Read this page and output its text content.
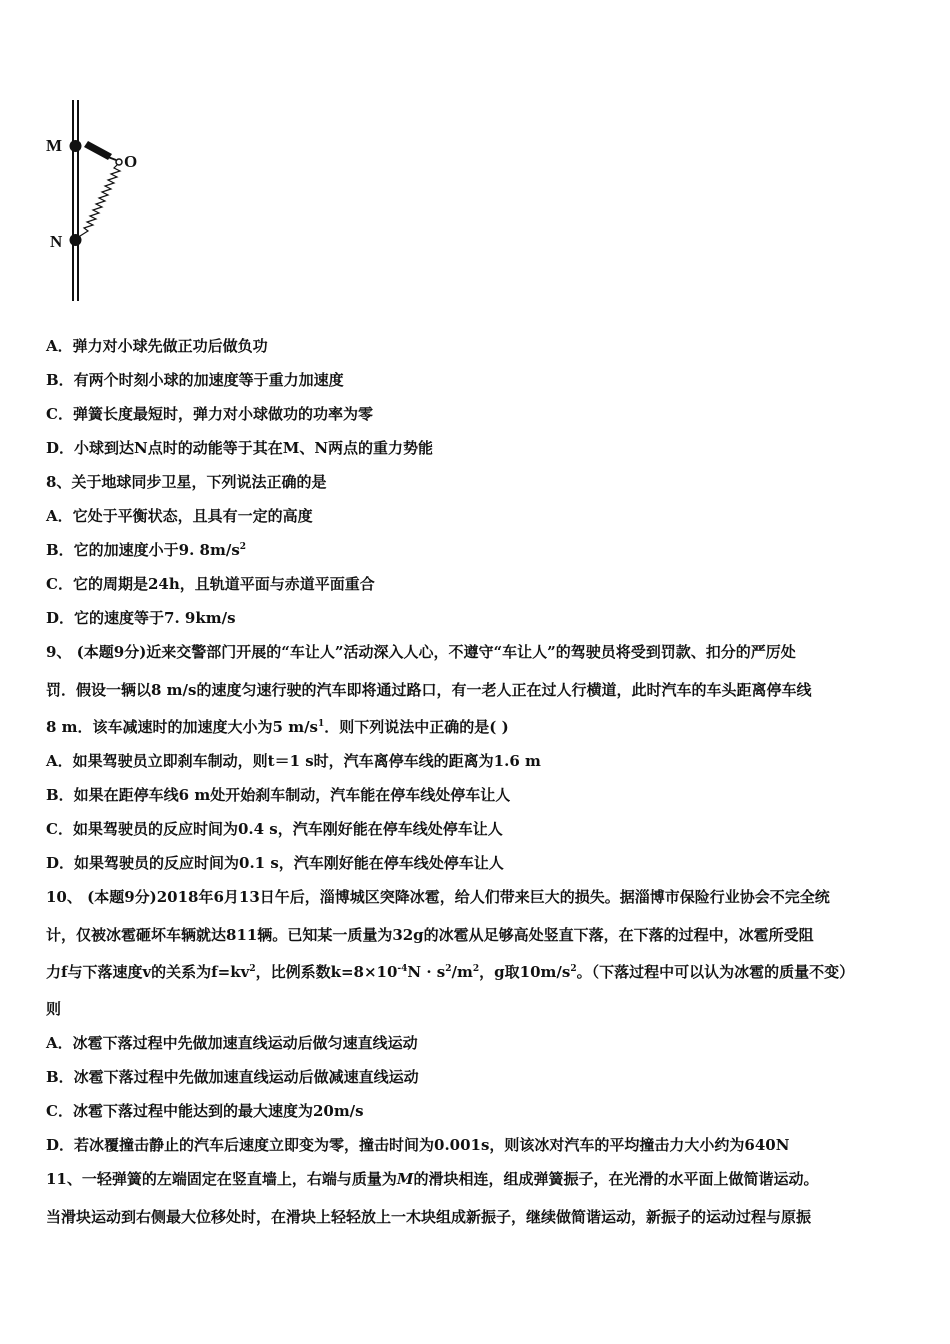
M
O
N
A．弹力对小球先做正功后做负功
B．有两个时刻小球的加速度等于重力加速度
C．弹簧长度最短时，弹力对小球做功的功率为零
D．小球到达N点时的动能等于其在M、N两点的重力势能
8、关于地球同步卫星，下列说法正确的是
A．它处于平衡状态，且具有一定的高度
B．它的加速度小于9. $8m/s^2$
C．它的周期是24h，且轨道平面与赤道平面重合
D．它的速度等于7. 9km/s
9、 (本题9分)近来交警部门开展的“车让人”活动深入人心，不遵守“车让人”的驾驶员将受到罚款、扣分的严厉处
罚．假设一辆以8 m/s的速度匀速行驶的汽车即将通过路口，有一老人正在过人行横道，此时汽车的车头距离停车线
8 m．该车减速时的加速度大小为5 $m/s^1$．则下列说法中正确的是( )
A．如果驾驶员立即刹车制动，则t＝1 s时，汽车离停车线的距离为1.6 m
B．如果在距停车线6 m处开始刹车制动，汽车能在停车线处停车让人
C．如果驾驶员的反应时间为0.4 s，汽车刚好能在停车线处停车让人
D．如果驾驶员的反应时间为0.1 s，汽车刚好能在停车线处停车让人
10、 (本题9分)2018年6月13日午后，淄博城区突降冰雹，给人们带来巨大的损失。据淄博市保险行业协会不完全统
计，仅被冰雹砸坏车辆就达811辆。已知某一质量为32g的冰雹从足够高处竖直下落，在下落的过程中，冰雹所受阻
力f与下落速度v的关系为$f=kv^2$，比例系数$k=8\times 10^{-4}N \cdot s^2/m^2$，g取$10m/s^2$。（下落过程中可以认为冰雹的质量不变）
则
A．冰雹下落过程中先做加速直线运动后做匀速直线运动
B．冰雹下落过程中先做加速直线运动后做减速直线运动
C．冰雹下落过程中能达到的最大速度为20m/s
D．若冰覆撞击静止的汽车后速度立即变为零，撞击时间为0.001s，则该冰对汽车的平均撞击力大小约为640N
11、一轻弹簧的左端固定在竖直墙上，右端与质量为M的滑块相连，组成弹簧振子，在光滑的水平面上做简谐运动。
当滑块运动到右侧最大位移处时，在滑块上轻轻放上一木块组成新振子，继续做简谐运动，新振子的运动过程与原振
